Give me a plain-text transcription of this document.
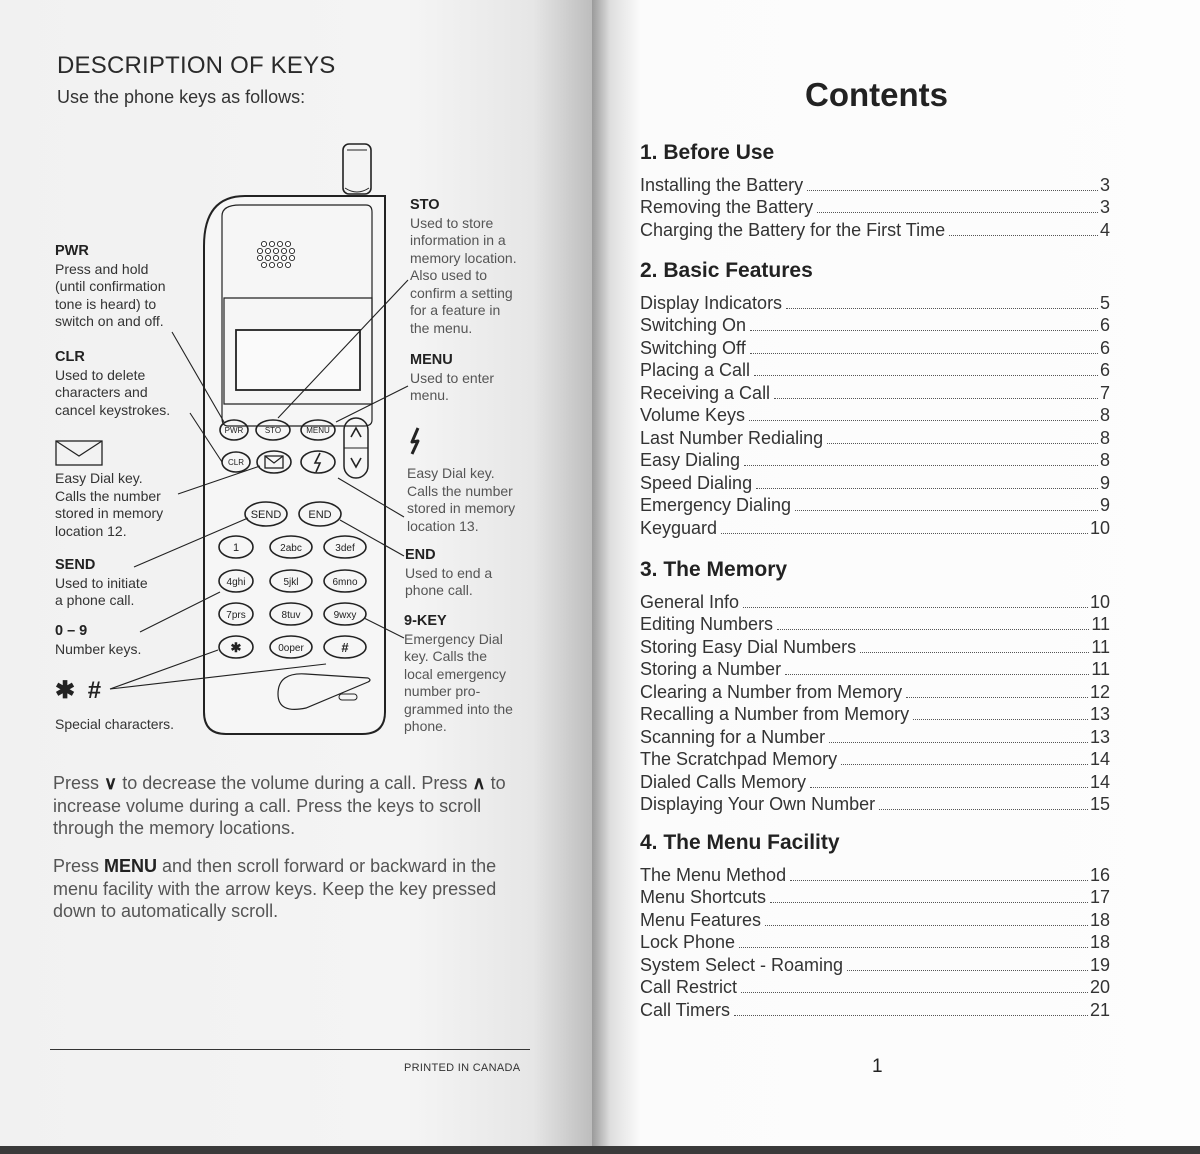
DESCRIPTION OF KEYS
Use the phone keys as follows:
PWR	STO	MENU
CLR
SEND END
1	2abc	3def
4ghi	5jkl	6mno
7prs	8tuv	9wxy
✱	0oper	#
PWR
Press and hold
(until confirmation
tone is heard) to
switch on and off.
CLR
Used to delete
characters and
cancel keystrokes.
Easy Dial key.
Calls the number
stored in memory
location 12.
SEND
Used to initiate
a phone call.
0 – 9
Number keys.
✱ #
Special characters.
STO
Used to store
information in a
memory location.
Also used to
confirm a setting
for a feature in
the menu.
MENU
Used to enter
menu.
Easy Dial key.
Calls the number
stored in memory
location 13.
END
Used to end a
phone call.
9-KEY
Emergency Dial
key. Calls the
local emergency
number pro-
grammed into the
phone.
Press ∨ to decrease the volume during a call. Press ∧ to increase volume during a call. Press the keys to scroll through the memory locations.
Press MENU and then scroll forward or backward in the menu facility with the arrow keys. Keep the key pressed down to automatically scroll.
PRINTED IN CANADA
Contents
1. Before Use
Installing the Battery	3
Removing the Battery	3
Charging the Battery for the First Time	4
2. Basic Features
Display Indicators	5
Switching On	6
Switching Off	6
Placing a Call	6
Receiving a Call	7
Volume Keys	8
Last Number Redialing	8
Easy Dialing	8
Speed Dialing	9
Emergency Dialing	9
Keyguard	10
3. The Memory
General Info	10
Editing Numbers	11
Storing Easy Dial Numbers	11
Storing a Number	11
Clearing a Number from Memory	12
Recalling a Number from Memory	13
Scanning for a Number	13
The Scratchpad Memory	14
Dialed Calls Memory	14
Displaying Your Own Number	15
4. The Menu Facility
The Menu Method	16
Menu Shortcuts	17
Menu Features	18
Lock Phone	18
System Select - Roaming	19
Call Restrict	20
Call Timers	21
1
